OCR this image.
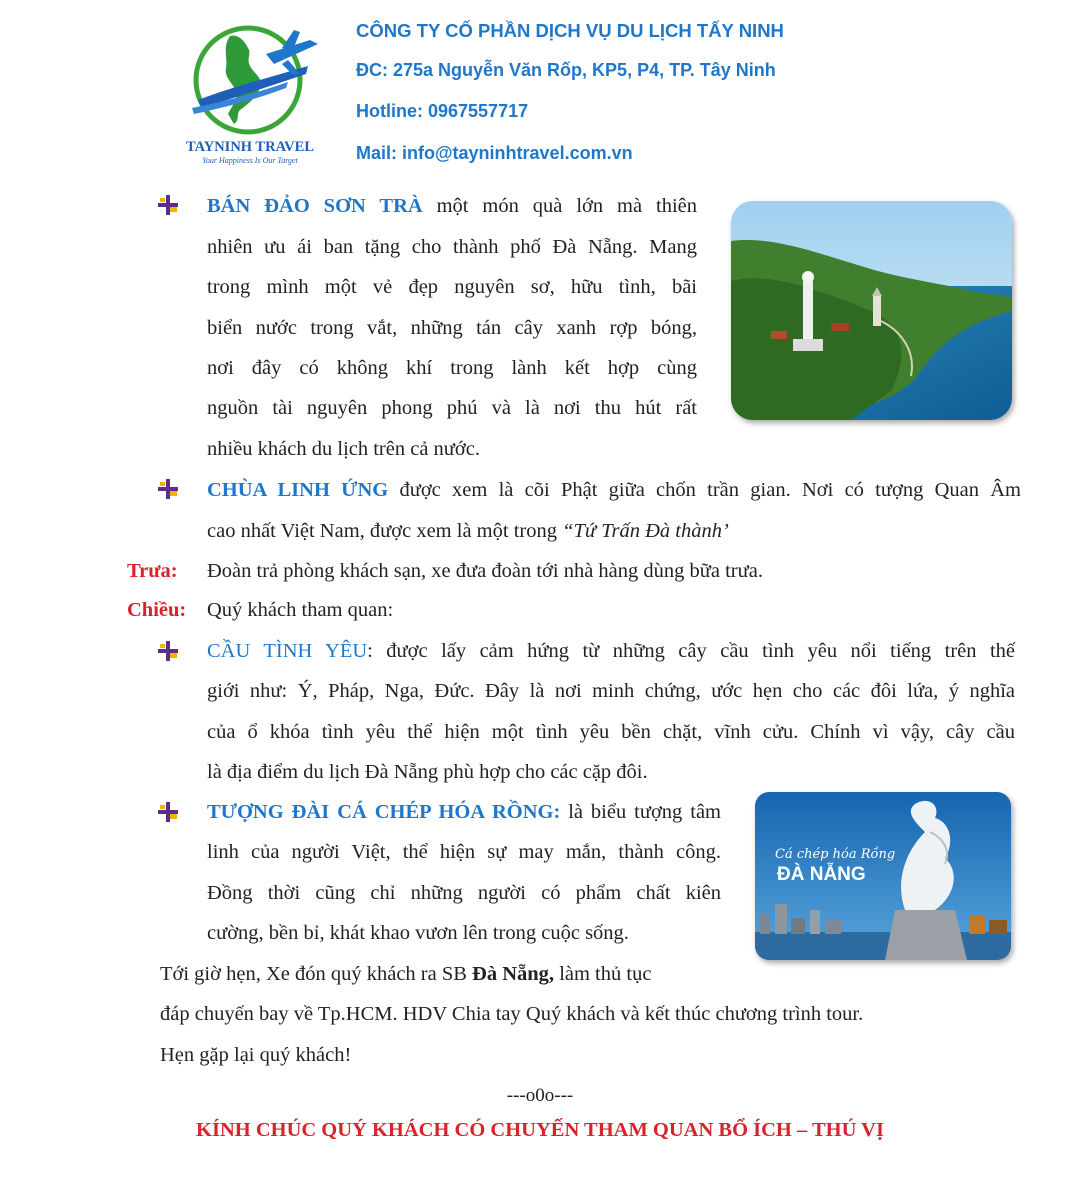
TAYNINH TRAVEL
Your Happiness Is Our Target
CÔNG TY CỐ PHẦN DỊCH VỤ DU LỊCH TẤY NINH
ĐC: 275a Nguyễn Văn Rốp, KP5, P4, TP. Tây Ninh
Hotline: 0967557717
Mail: info@tayninhtravel.com.vn
BÁN ĐẢO SƠN TRÀ một món quà lớn mà thiên
nhiên ưu ái ban tặng cho thành phố Đà Nẵng. Mang
trong mình một vẻ đẹp nguyên sơ, hữu tình, bãi
biển nước trong vắt, những tán cây xanh rợp bóng,
nơi đây có không khí trong lành kết hợp cùng
nguồn tài nguyên phong phú và là nơi thu hút rất
nhiều khách du lịch trên cả nước.
CHÙA LINH ỨNG được xem là cõi Phật giữa chốn trần gian. Nơi có tượng Quan Âm
cao nhất Việt Nam, được xem là một trong “Tứ Trấn Đà thành’
Trưa: Đoàn trả phòng khách sạn, xe đưa đoàn tới nhà hàng dùng bữa trưa.
Chiều: Quý khách tham quan:
CẦU TÌNH YÊU: được lấy cảm hứng từ những cây cầu tình yêu nổi tiếng trên thế
giới như: Ý, Pháp, Nga, Đức. Đây là nơi minh chứng, ước hẹn cho các đôi lứa, ý nghĩa
của ổ khóa tình yêu thể hiện một tình yêu bền chặt, vĩnh cửu. Chính vì vậy, cây cầu
là địa điểm du lịch Đà Nẵng phù hợp cho các cặp đôi.
TƯỢNG ĐÀI CÁ CHÉP HÓA RỒNG: là biểu tượng tâm
linh của người Việt, thể hiện sự may mắn, thành công.
Đồng thời cũng chỉ những người có phẩm chất kiên
cường, bền bỉ, khát khao vươn lên trong cuộc sống.
Cá chép hóa Rồng
ĐÀ NẴNG
Tới giờ hẹn, Xe đón quý khách ra SB Đà Nẵng, làm thủ tục
đáp chuyến bay về Tp.HCM. HDV Chia tay Quý khách và kết thúc chương trình tour.
Hẹn gặp lại quý khách!
---o0o---
KÍNH CHÚC QUÝ KHÁCH CÓ CHUYẾN THAM QUAN BỔ ÍCH – THÚ VỊ
